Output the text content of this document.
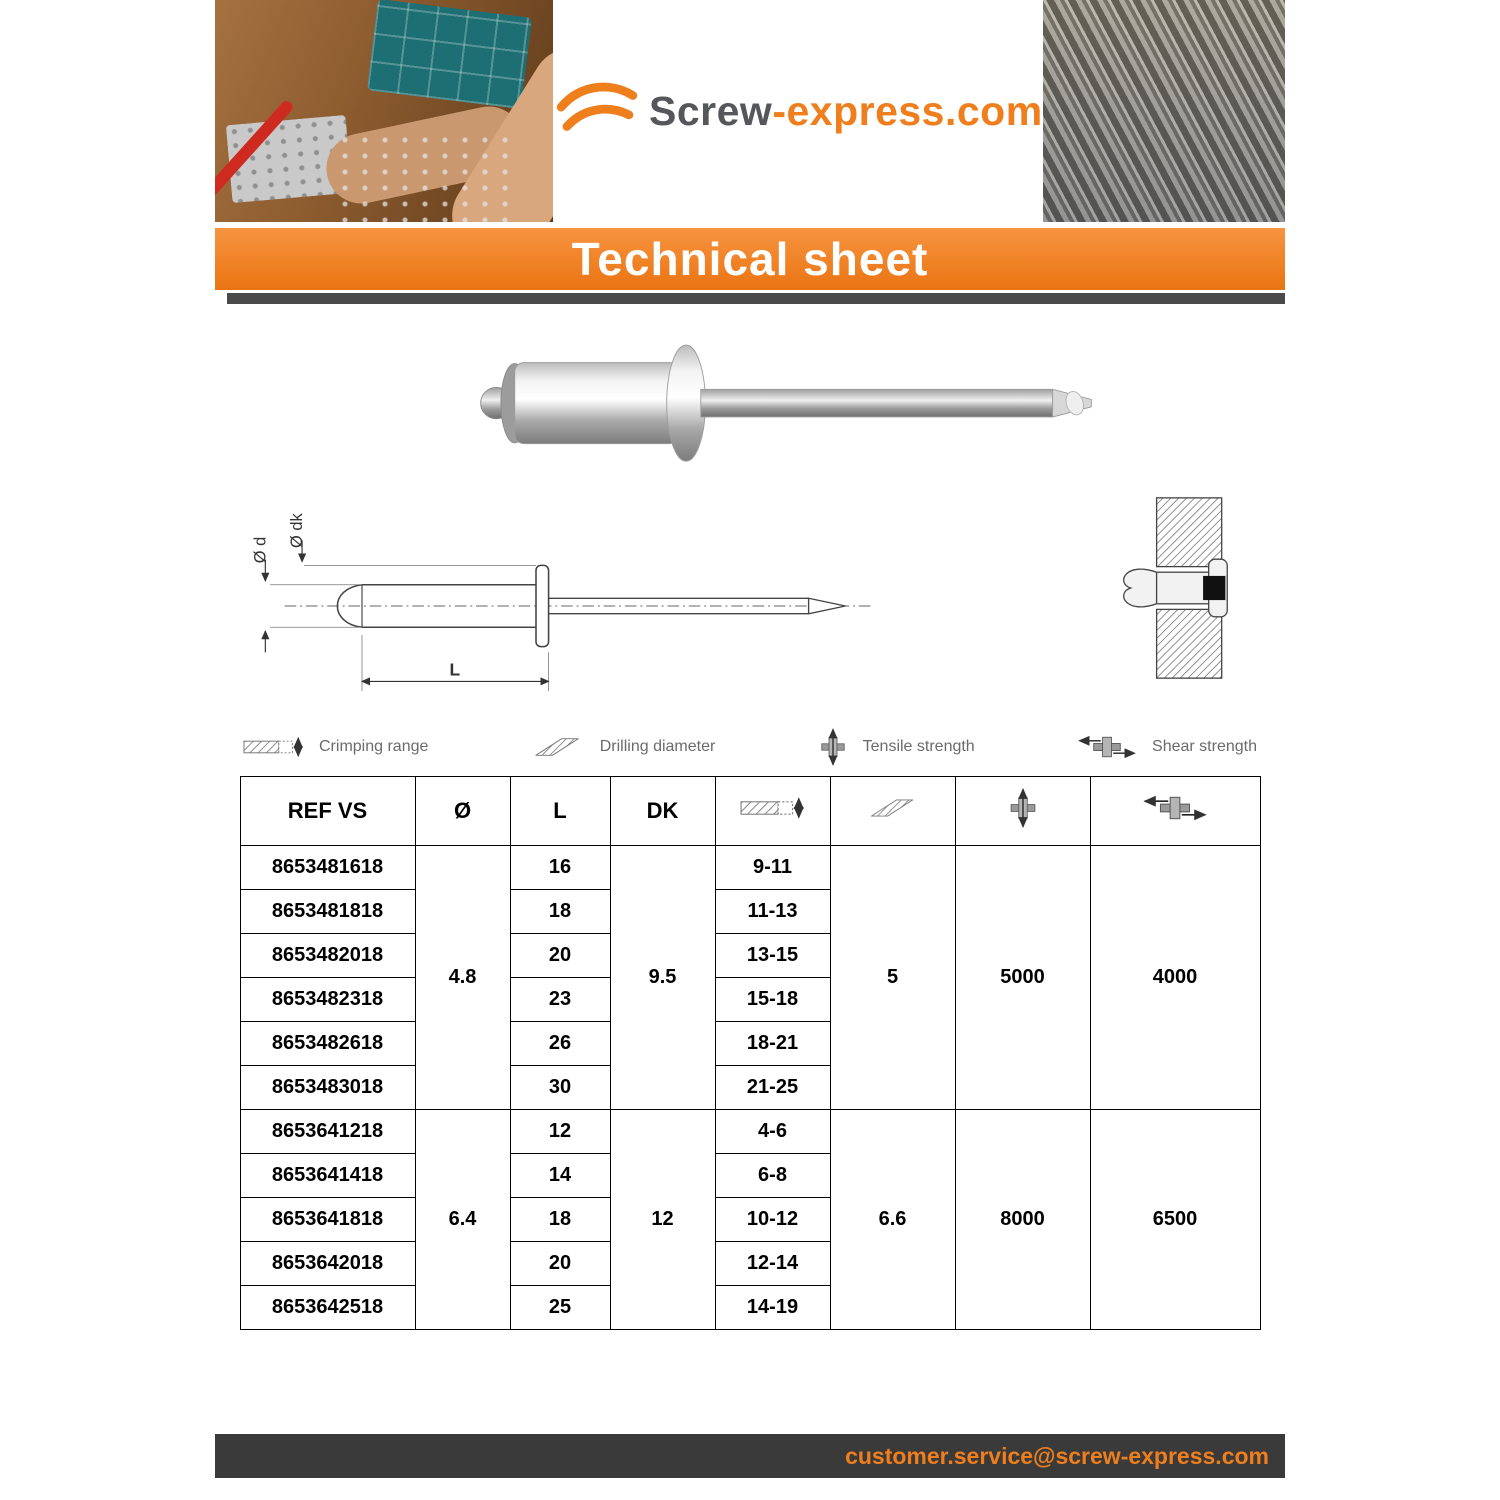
Screw-express.com
Technical sheet
Ø d
Ø dk
L
Crimping range	Drilling diameter	Tensile strength	Shear strength
REF VS	Ø	L	DK				
8653481618	4.8	16	9.5	9-11	5	5000	4000
8653481818		18		11-13			
8653482018		20		13-15			
8653482318		23		15-18			
8653482618		26		18-21			
8653483018		30		21-25			
8653641218	6.4	12	12	4-6	6.6	8000	6500
8653641418		14		6-8			
8653641818		18		10-12			
8653642018		20		12-14			
8653642518		25		14-19			
customer.service@screw-express.com
